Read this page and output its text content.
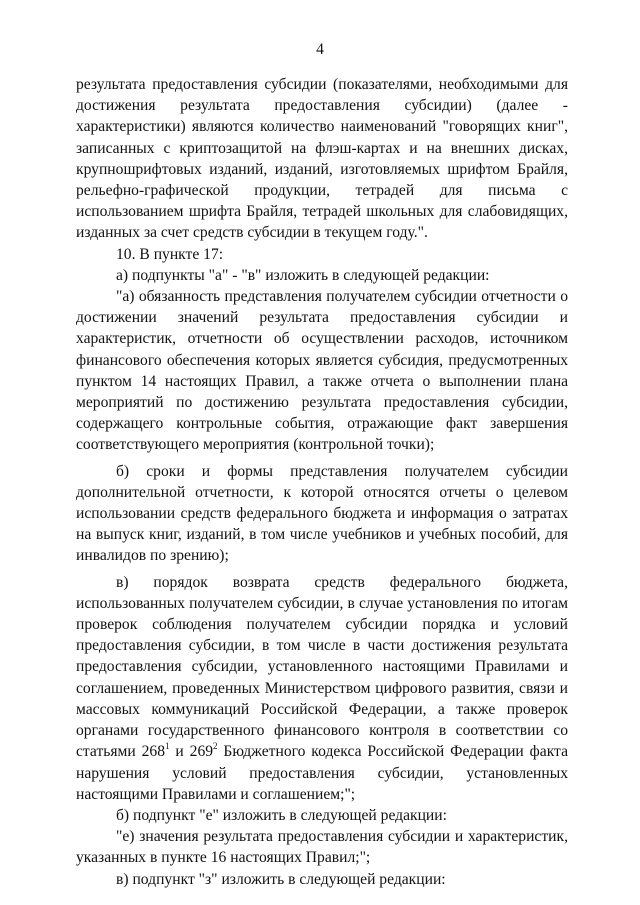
4

результата предоставления субсидии (показателями, необходимыми для достижения результата предоставления субсидии) (далее - характеристики) являются количество наименований "говорящих книг", записанных с криптозащитой на флэш-картах и на внешних дисках, крупношрифтовых изданий, изданий, изготовляемых шрифтом Брайля, рельефно-графической продукции, тетрадей для письма с использованием шрифта Брайля, тетрадей школьных для слабовидящих, изданных за счет средств субсидии в текущем году.".

10. В пункте 17:

а) подпункты "а" - "в" изложить в следующей редакции:

"а) обязанность представления получателем субсидии отчетности о достижении значений результата предоставления субсидии и характеристик, отчетности об осуществлении расходов, источником финансового обеспечения которых является субсидия, предусмотренных пунктом 14 настоящих Правил, а также отчета о выполнении плана мероприятий по достижению результата предоставления субсидии, содержащего контрольные события, отражающие факт завершения соответствующего мероприятия (контрольной точки);

б) сроки и формы представления получателем субсидии дополнительной отчетности, к которой относятся отчеты о целевом использовании средств федерального бюджета и информация о затратах на выпуск книг, изданий, в том числе учебников и учебных пособий, для инвалидов по зрению);

в) порядок возврата средств федерального бюджета, использованных получателем субсидии, в случае установления по итогам проверок соблюдения получателем субсидии порядка и условий предоставления субсидии, в том числе в части достижения результата предоставления субсидии, установленного настоящими Правилами и соглашением, проведенных Министерством цифрового развития, связи и массовых коммуникаций Российской Федерации, а также проверок органами государственного финансового контроля в соответствии со статьями $268^1$ и $269^2$ Бюджетного кодекса Российской Федерации факта нарушения условий предоставления субсидии, установленных настоящими Правилами и соглашением;";

б) подпункт "е" изложить в следующей редакции:

"е) значения результата предоставления субсидии и характеристик, указанных в пункте 16 настоящих Правил;";

в) подпункт "з" изложить в следующей редакции:
